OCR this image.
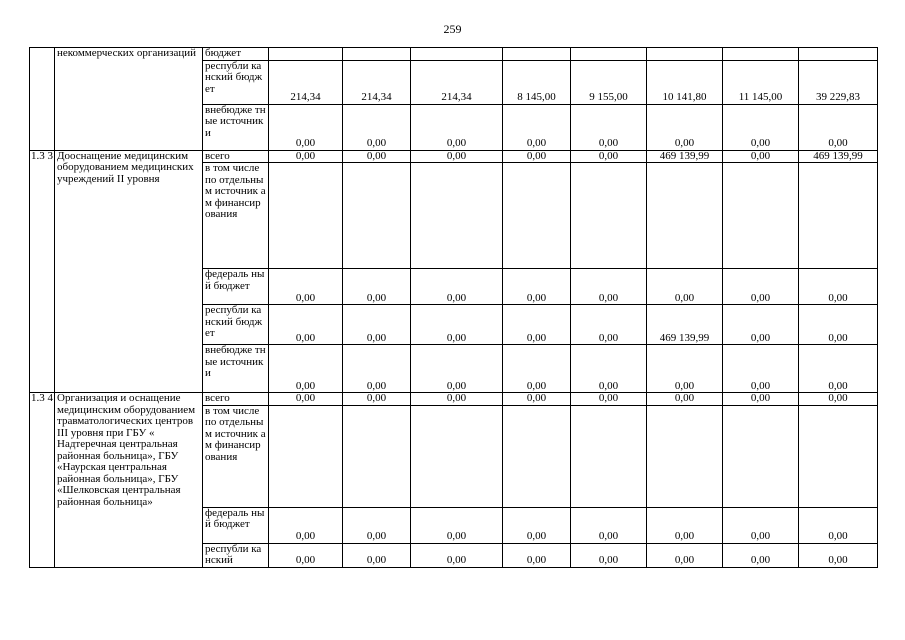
259
	некоммерческих организаций	бюджет								
		республи канский бюджет	214,34	214,34	214,34	8 145,00	9 155,00	10 141,80	11 145,00	39 229,83
		внебюдже тные источник и	0,00	0,00	0,00	0,00	0,00	0,00	0,00	0,00
1.3 3	Дооснащение медицинским оборудованием медицинских учреждений II уровня	всего	0,00	0,00	0,00	0,00	0,00	469 139,99	0,00	469 139,99
		в том числе по отдельны м источник ам финансир ования								
		федераль ный бюджет	0,00	0,00	0,00	0,00	0,00	0,00	0,00	0,00
		республи канский бюджет	0,00	0,00	0,00	0,00	0,00	469 139,99	0,00	0,00
		внебюдже тные источник и	0,00	0,00	0,00	0,00	0,00	0,00	0,00	0,00
1.3 4	Организация и оснащение медицинским оборудованием травматологических центров III уровня при ГБУ « Надтеречная центральная районная больница», ГБУ «Наурская центральная районная больница», ГБУ «Шелковская центральная районная больница»	всего	0,00	0,00	0,00	0,00	0,00	0,00	0,00	0,00
		в том числе по отдельны м источник ам финансир ования								
		федераль ный бюджет	0,00	0,00	0,00	0,00	0,00	0,00	0,00	0,00
		республи канский	0,00	0,00	0,00	0,00	0,00	0,00	0,00	0,00
